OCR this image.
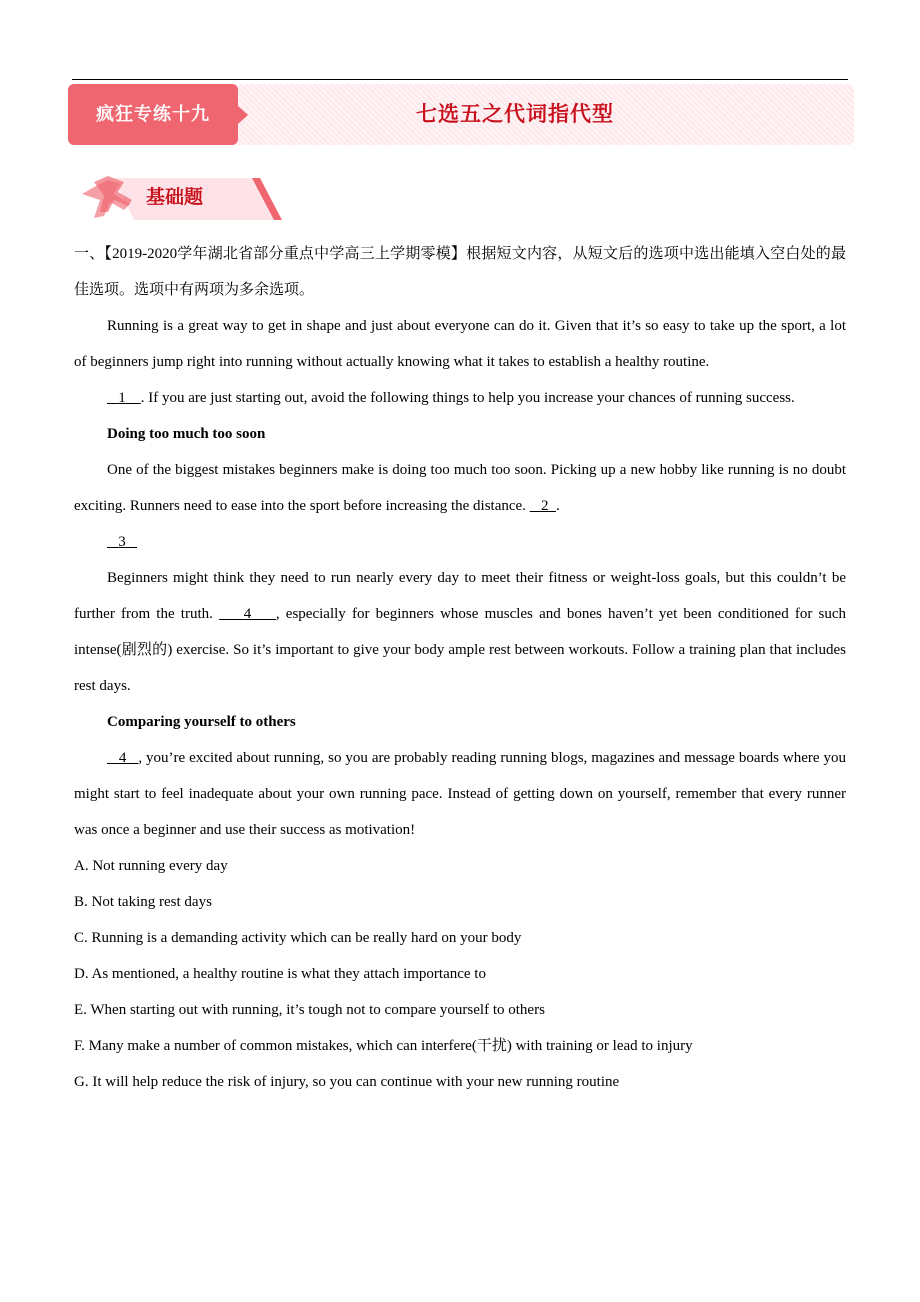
疯狂专练十九	七选五之代词指代型
基础题

一、【2019-2020学年湖北省部分重点中学高三上学期零模】根据短文内容，从短文后的选项中选出能填入空白处的最佳选项。选项中有两项为多余选项。

Running is a great way to get in shape and just about everyone can do it. Given that it’s so easy to take up the sport, a lot of beginners jump right into running without actually knowing what it takes to establish a healthy routine.

1 . If you are just starting out, avoid the following things to help you increase your chances of running success.

Doing too much too soon

One of the biggest mistakes beginners make is doing too much too soon. Picking up a new hobby like running is no doubt exciting. Runners need to ease into the sport before increasing the distance.    2 .

3

Beginners might think they need to run nearly every day to meet their fitness or weight-loss goals, but this couldn’t be further from the truth.     4 , especially for beginners whose muscles and bones haven’t yet been conditioned for such intense(剧烈的) exercise. So it’s important to give your body ample rest between workouts. Follow a training plan that includes rest days.

Comparing yourself to others

4 , you’re excited about running, so you are probably reading running blogs, magazines and message boards where you might start to feel inadequate about your own running pace. Instead of getting down on yourself, remember that every runner was once a beginner and use their success as motivation!

A. Not running every day

B. Not taking rest days

C. Running is a demanding activity which can be really hard on your body

D. As mentioned, a healthy routine is what they attach importance to

E. When starting out with running, it’s tough not to compare yourself to others

F. Many make a number of common mistakes, which can interfere(干扰) with training or lead to injury

G. It will help reduce the risk of injury, so you can continue with your new running routine
